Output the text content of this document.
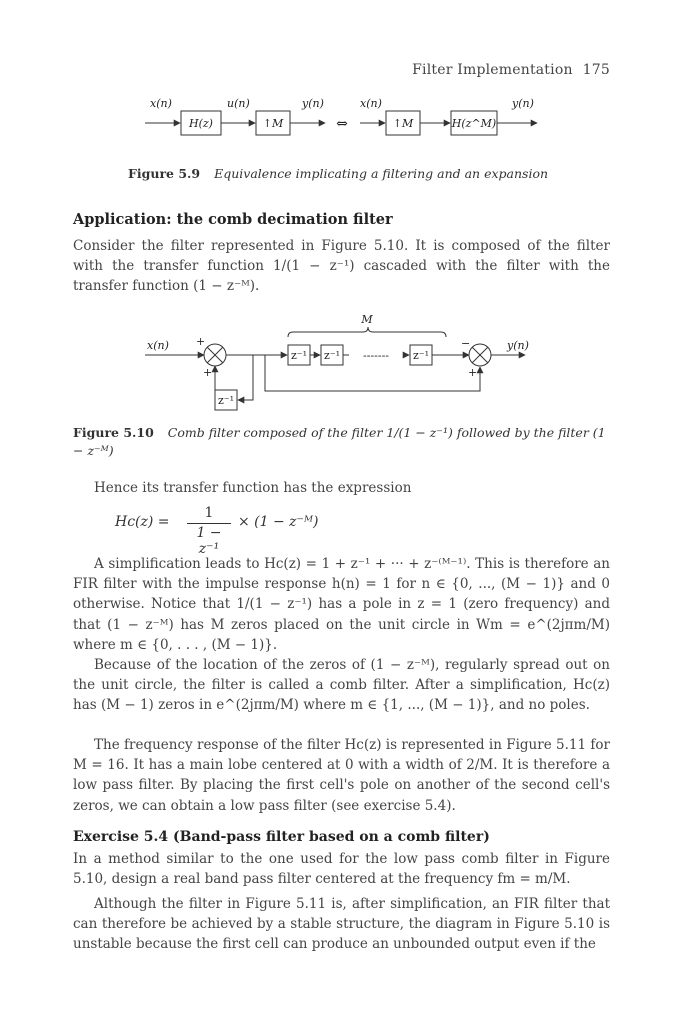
Filter Implementation 175
x(n)
H(z)
u(n)
↑M
y(n)
⇔
x(n)
↑M	H(z^M)
y(n)
Figure 5.9 Equivalence implicating a filtering and an expansion
Application: the comb decimation filter

Consider the filter represented in Figure 5.10. It is composed of the filter with the transfer function 1/(1 − z⁻¹) cascaded with the filter with the transfer function (1 − z⁻ᴹ).

M
x(n) +
+
z⁻¹ z⁻¹ ------- z⁻¹
−
+
y(n)
z⁻¹
Figure 5.10 Comb filter composed of the filter 1/(1 − z⁻¹) followed by the filter (1 − z⁻ᴹ)

Hence its transfer function has the expression

$Hc(z) = \frac{1}{\text{1 − z⁻¹}} \times (1$ − z⁻ᴹ)

A simplification leads to Hc(z) = 1 + z⁻¹ + ··· + z⁻⁽ᴹ⁻¹⁾. This is therefore an FIR filter with the impulse response h(n) = 1 for n ∈ {0, ..., (M − 1)} and 0 otherwise. Notice that 1/(1 − z⁻¹) has a pole in z = 1 (zero frequency) and that (1 − z⁻ᴹ) has M zeros placed on the unit circle in Wm = e^(2jπm/M) where m ∈ {0, . . . , (M − 1)}.

Because of the location of the zeros of (1 − z⁻ᴹ), regularly spread out on the unit circle, the filter is called a comb filter. After a simplification, Hc(z) has (M − 1) zeros in e^(2jπm/M) where m ∈ {1, ..., (M − 1)}, and no poles.

The frequency response of the filter Hc(z) is represented in Figure 5.11 for M = 16. It has a main lobe centered at 0 with a width of 2/M. It is therefore a low pass filter. By placing the first cell's pole on another of the second cell's zeros, we can obtain a low pass filter (see exercise 5.4).

Exercise 5.4 (Band-pass filter based on a comb filter)

In a method similar to the one used for the low pass comb filter in Figure 5.10, design a real band pass filter centered at the frequency fm = m/M.

Although the filter in Figure 5.11 is, after simplification, an FIR filter that can therefore be achieved by a stable structure, the diagram in Figure 5.10 is unstable because the first cell can produce an unbounded output even if the
